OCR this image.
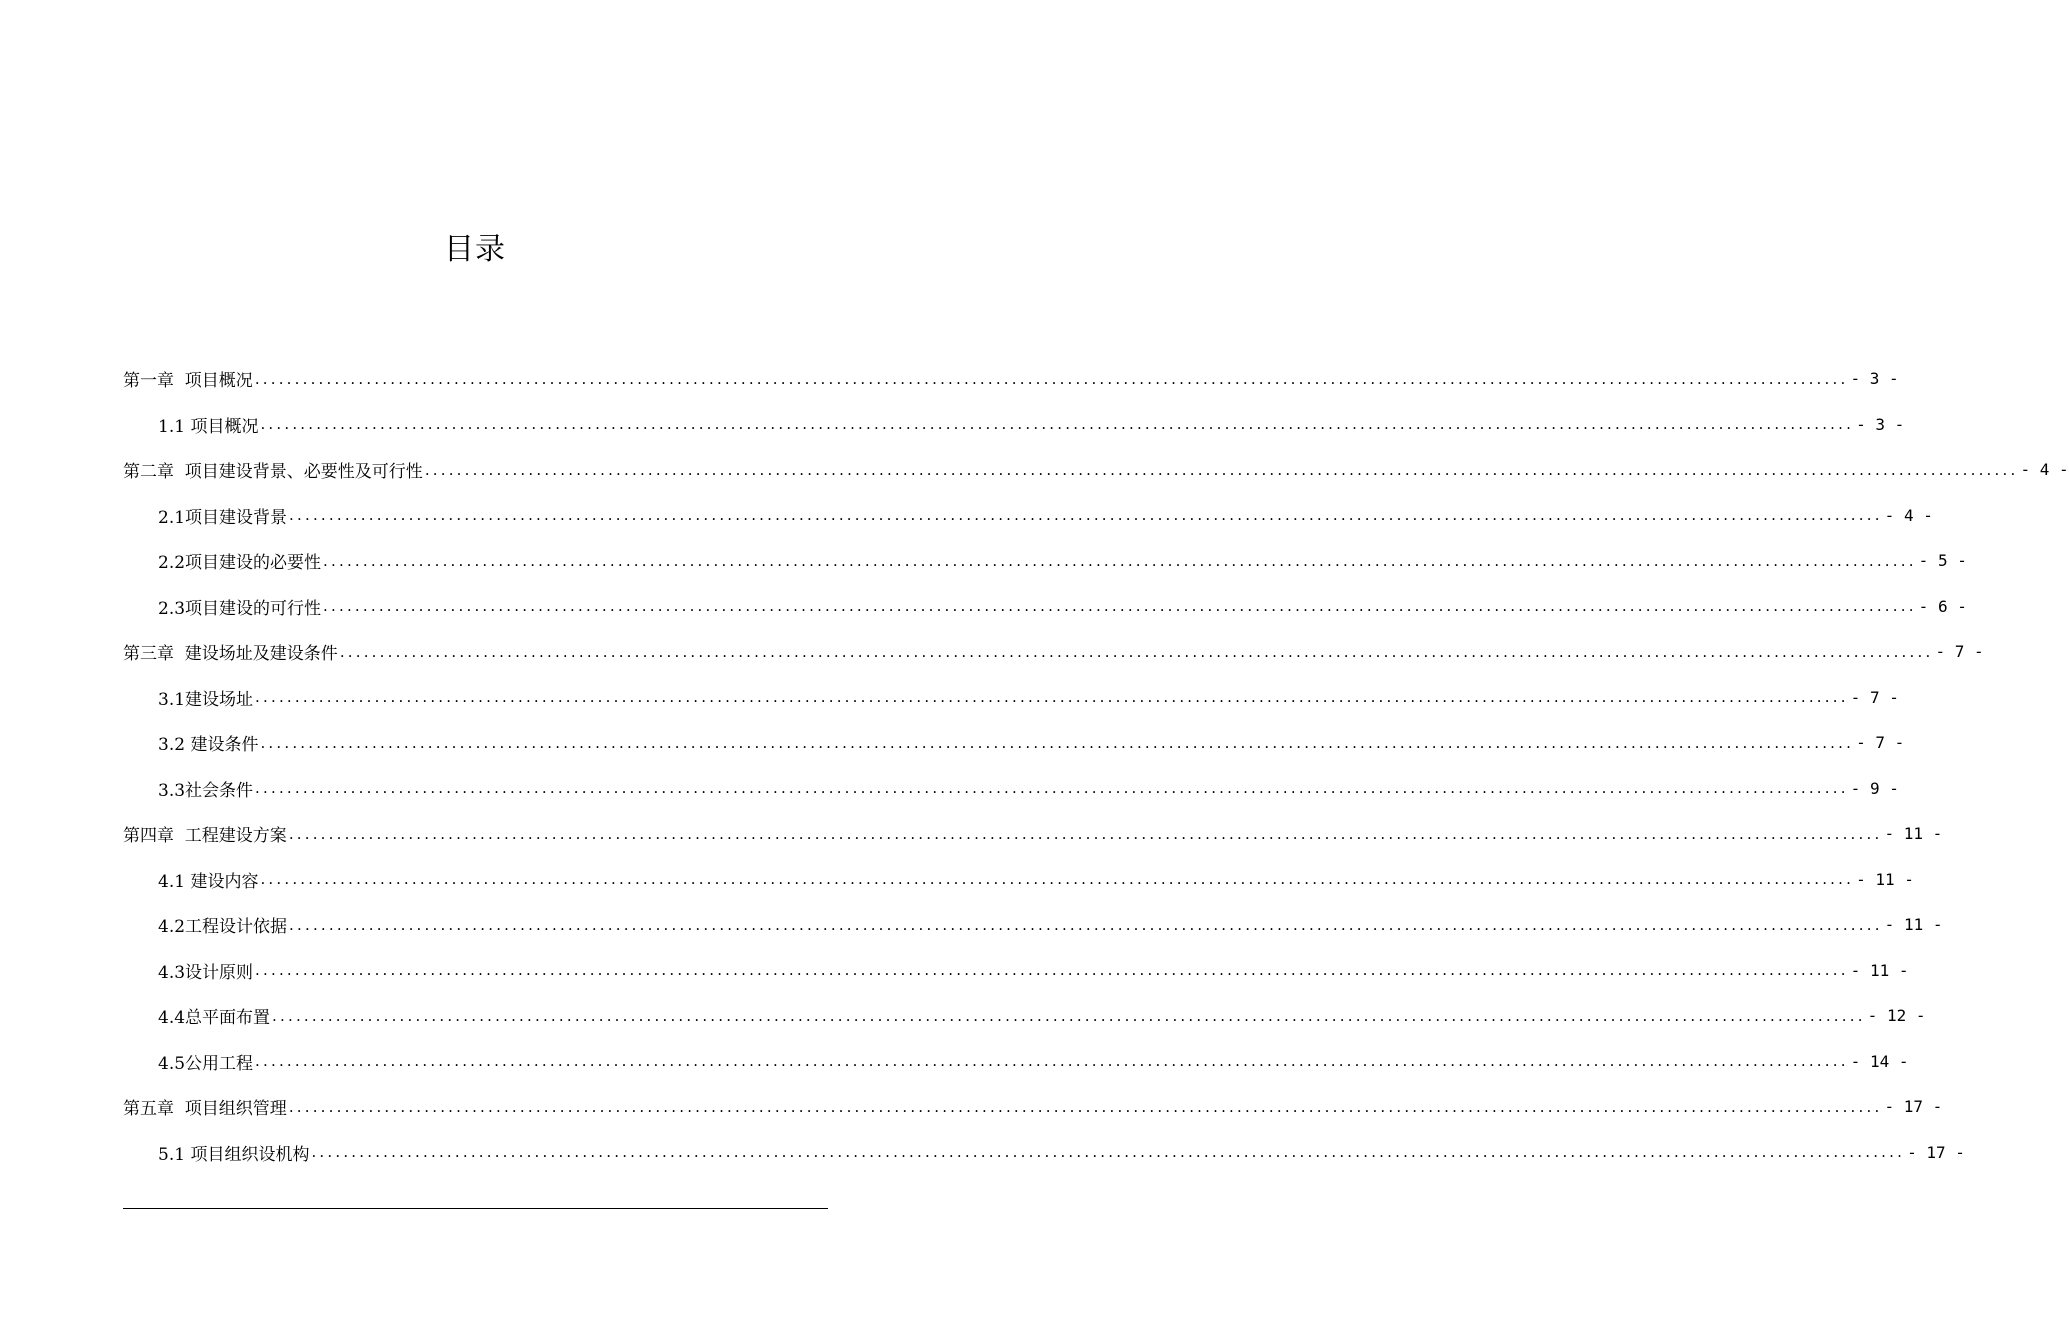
目录
第一章  项目概况 ........................................................................................................................................................................................................ - 3 -
1.1 项目概况 ........................................................................................................................................................................................................ - 3 -
第二章  项目建设背景、必要性及可行性 ........................................................................................................................................................................................................ - 4 -
2.1项目建设背景 ........................................................................................................................................................................................................ - 4 -
2.2项目建设的必要性 ........................................................................................................................................................................................................ - 5 -
2.3项目建设的可行性 ........................................................................................................................................................................................................ - 6 -
第三章  建设场址及建设条件 ........................................................................................................................................................................................................ - 7 -
3.1建设场址 ........................................................................................................................................................................................................ - 7 -
3.2 建设条件 ........................................................................................................................................................................................................ - 7 -
3.3社会条件 ........................................................................................................................................................................................................ - 9 -
第四章  工程建设方案 ........................................................................................................................................................................................................ - 11 -
4.1 建设内容 ........................................................................................................................................................................................................ - 11 -
4.2工程设计依据 ........................................................................................................................................................................................................ - 11 -
4.3设计原则 ........................................................................................................................................................................................................ - 11 -
4.4总平面布置 ........................................................................................................................................................................................................ - 12 -
4.5公用工程 ........................................................................................................................................................................................................ - 14 -
第五章  项目组织管理 ........................................................................................................................................................................................................ - 17 -
5.1 项目组织设机构 ........................................................................................................................................................................................................ - 17 -
